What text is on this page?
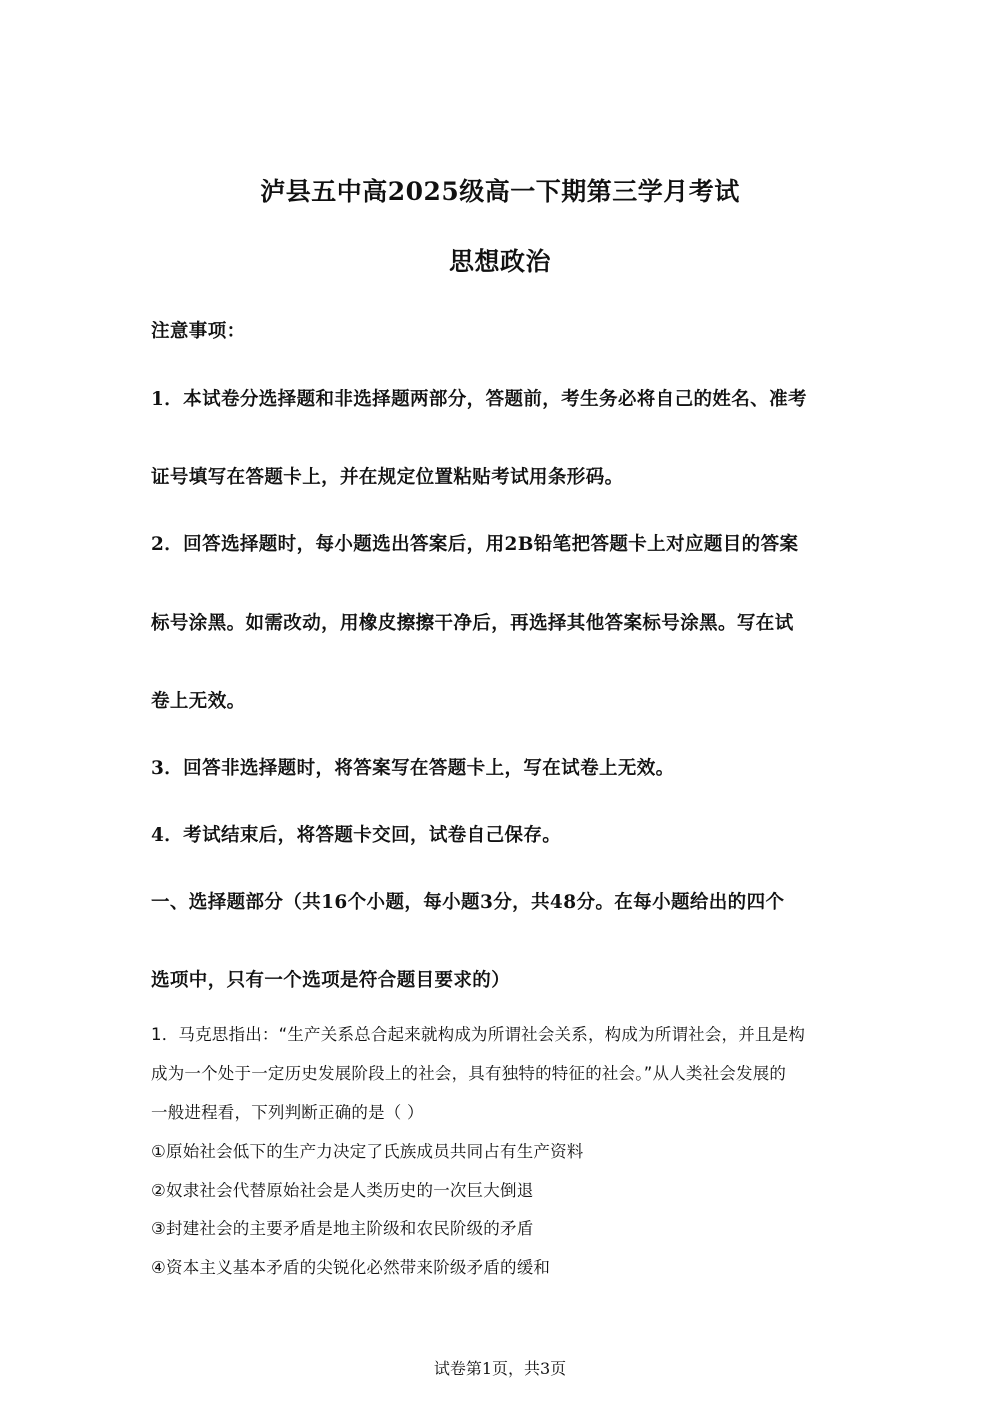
泸县五中高2025级高一下期第三学月考试
思想政治
注意事项：
1．本试卷分选择题和非选择题两部分，答题前，考生务必将自己的姓名、准考
证号填写在答题卡上，并在规定位置粘贴考试用条形码。
2．回答选择题时，每小题选出答案后，用2B铅笔把答题卡上对应题目的答案
标号涂黑。如需改动，用橡皮擦擦干净后，再选择其他答案标号涂黑。写在试
卷上无效。
3．回答非选择题时，将答案写在答题卡上，写在试卷上无效。
4．考试结束后，将答题卡交回，试卷自己保存。
一、选择题部分（共16个小题，每小题3分，共48分。在每小题给出的四个
选项中，只有一个选项是符合题目要求的）
1．马克思指出：“生产关系总合起来就构成为所谓社会关系，构成为所谓社会，并且是构
成为一个处于一定历史发展阶段上的社会，具有独特的特征的社会。”从人类社会发展的
一般进程看，下列判断正确的是（ ）
①原始社会低下的生产力决定了氏族成员共同占有生产资料
②奴隶社会代替原始社会是人类历史的一次巨大倒退
③封建社会的主要矛盾是地主阶级和农民阶级的矛盾
④资本主义基本矛盾的尖锐化必然带来阶级矛盾的缓和
试卷第1页，共3页
